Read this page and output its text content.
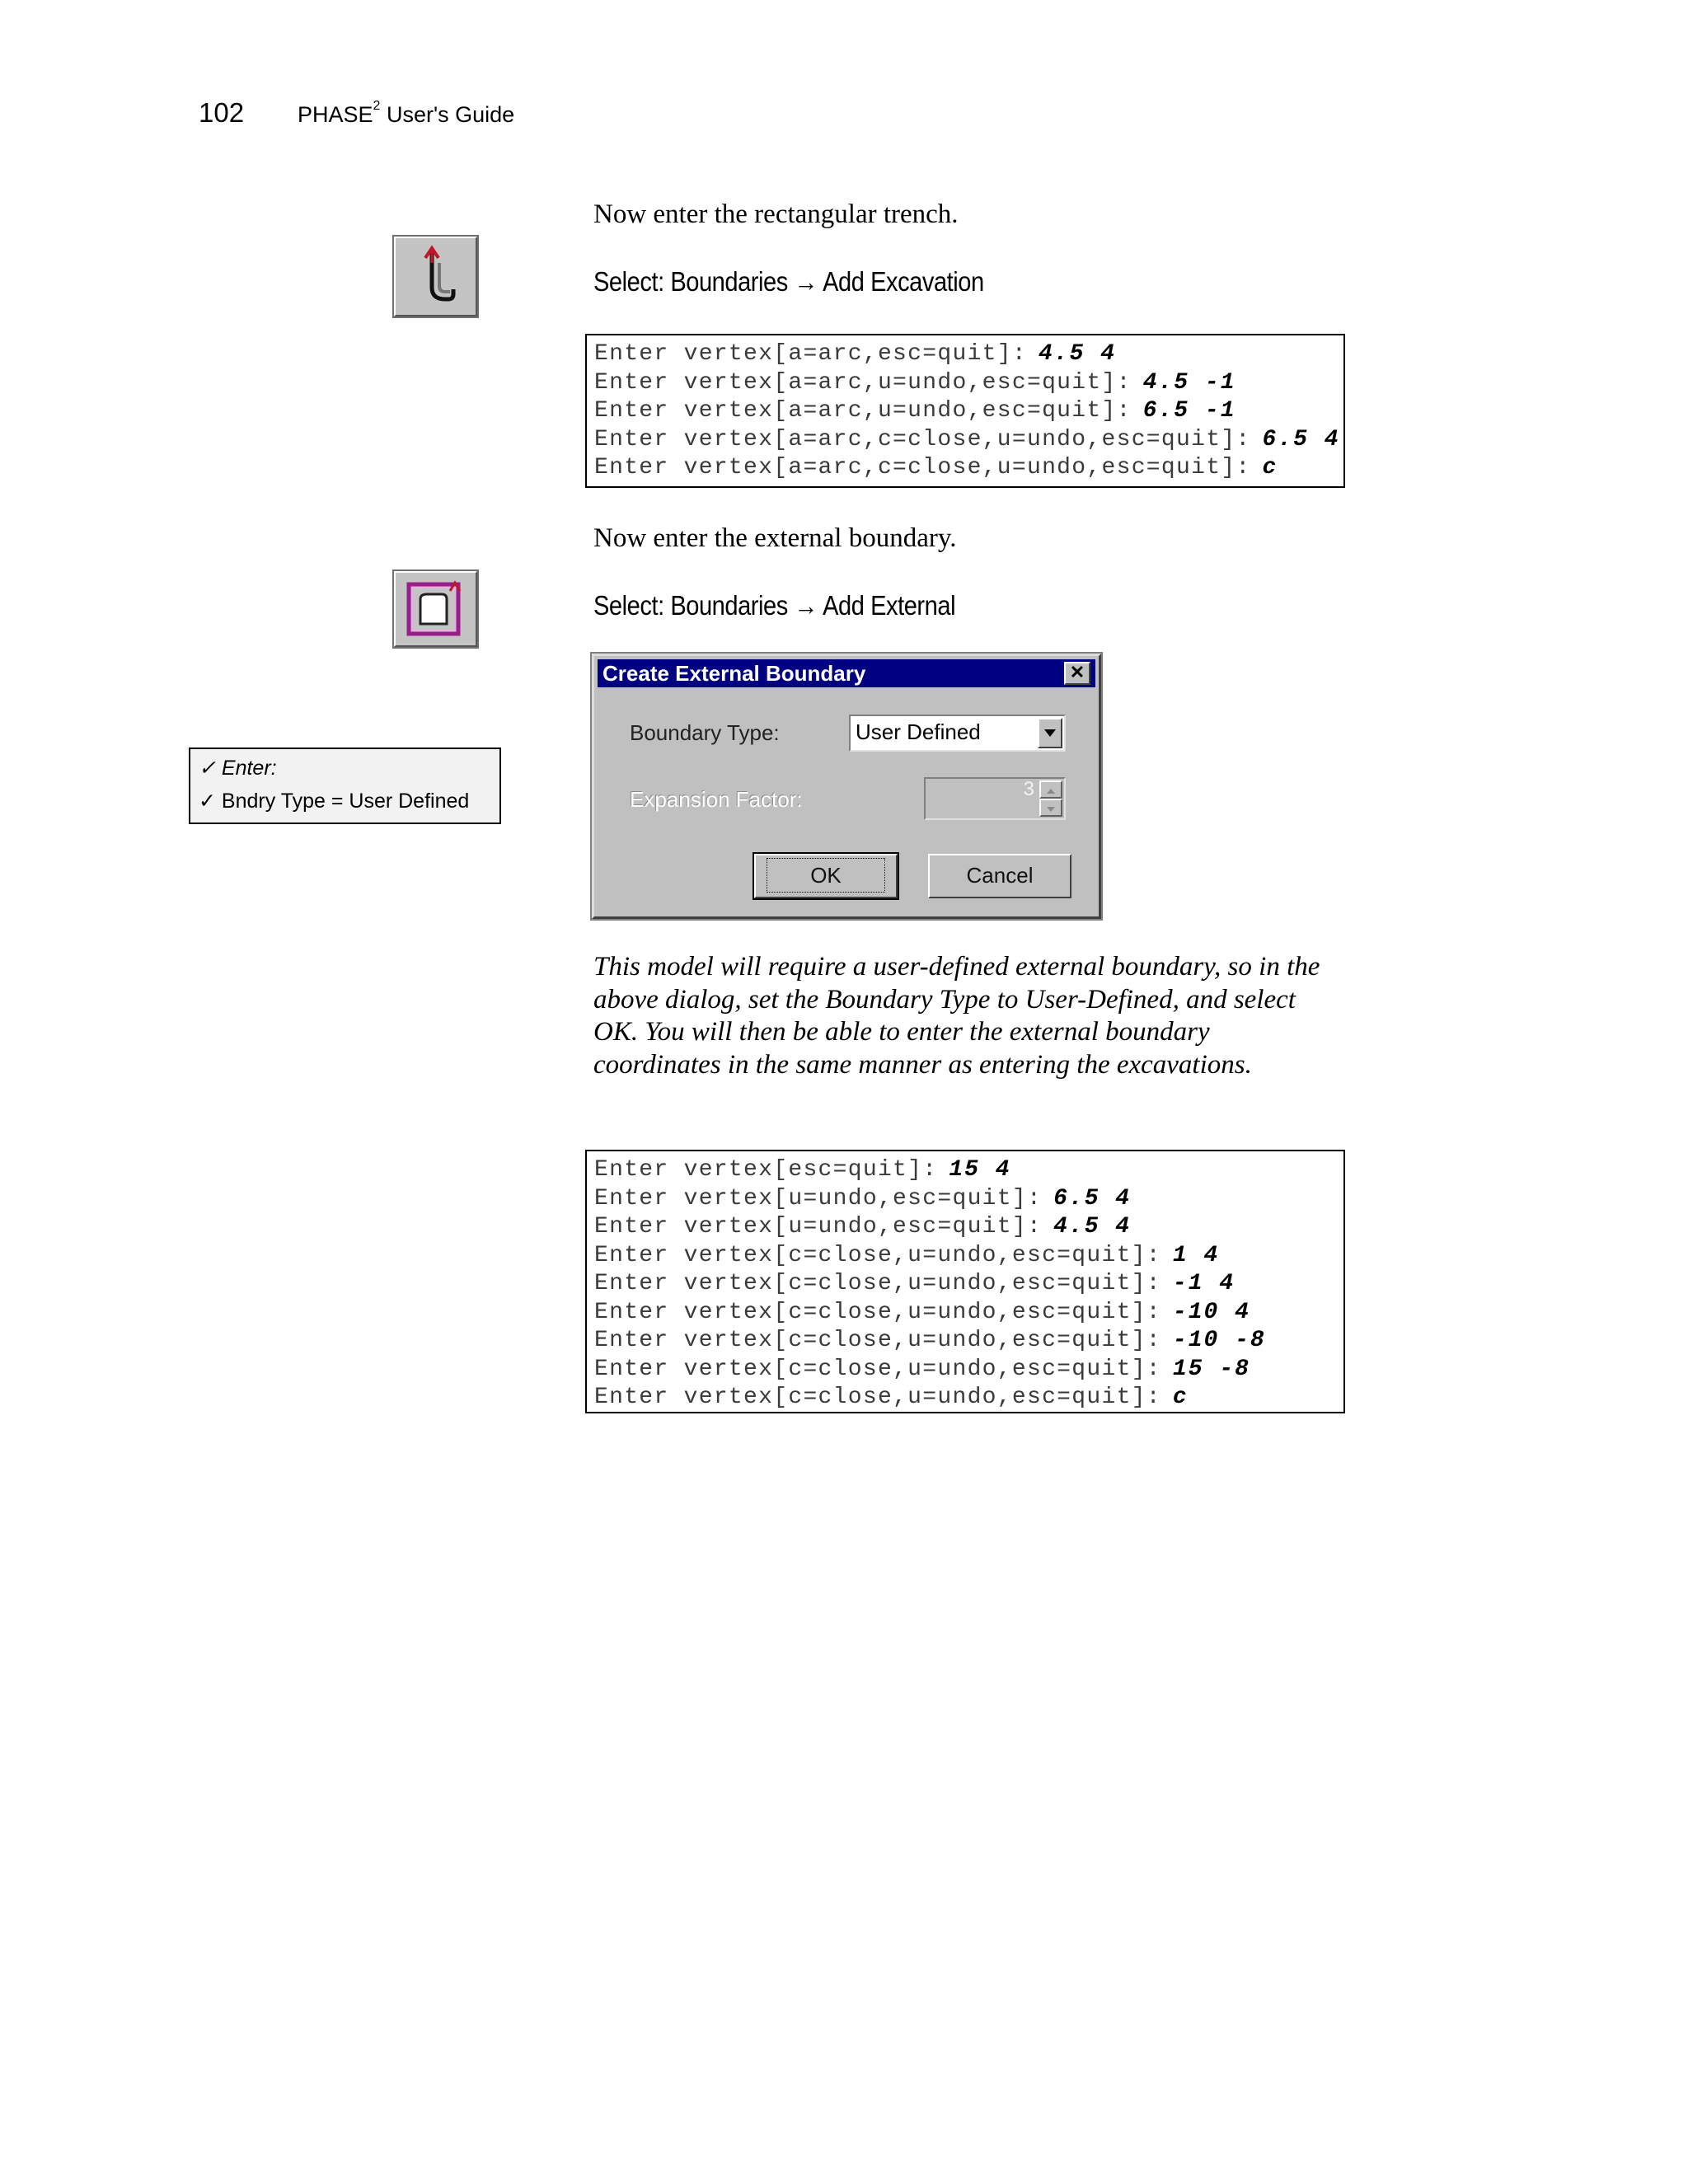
102 PHASE$^2$ User's Guide
Now enter the rectangular trench.
Select: Boundaries → Add Excavation
Enter vertex[a=arc,esc=quit]: 4.5 4
Enter vertex[a=arc,u=undo,esc=quit]: 4.5 -1
Enter vertex[a=arc,u=undo,esc=quit]: 6.5 -1
Enter vertex[a=arc,c=close,u=undo,esc=quit]: 6.5 4
Enter vertex[a=arc,c=close,u=undo,esc=quit]: c
Now enter the external boundary.
Select: Boundaries → Add External
✓ Enter:
✓ Bndry Type = User Defined
Create External Boundary	✕
Boundary Type:	User Defined
Expansion Factor:	3
OK	Cancel
This model will require a user-defined external boundary, so in the above dialog, set the Boundary Type to User-Defined, and select OK. You will then be able to enter the external boundary coordinates in the same manner as entering the excavations.
Enter vertex[esc=quit]: 15 4
Enter vertex[u=undo,esc=quit]: 6.5 4
Enter vertex[u=undo,esc=quit]: 4.5 4
Enter vertex[c=close,u=undo,esc=quit]: 1 4
Enter vertex[c=close,u=undo,esc=quit]: -1 4
Enter vertex[c=close,u=undo,esc=quit]: -10 4
Enter vertex[c=close,u=undo,esc=quit]: -10 -8
Enter vertex[c=close,u=undo,esc=quit]: 15 -8
Enter vertex[c=close,u=undo,esc=quit]: c
